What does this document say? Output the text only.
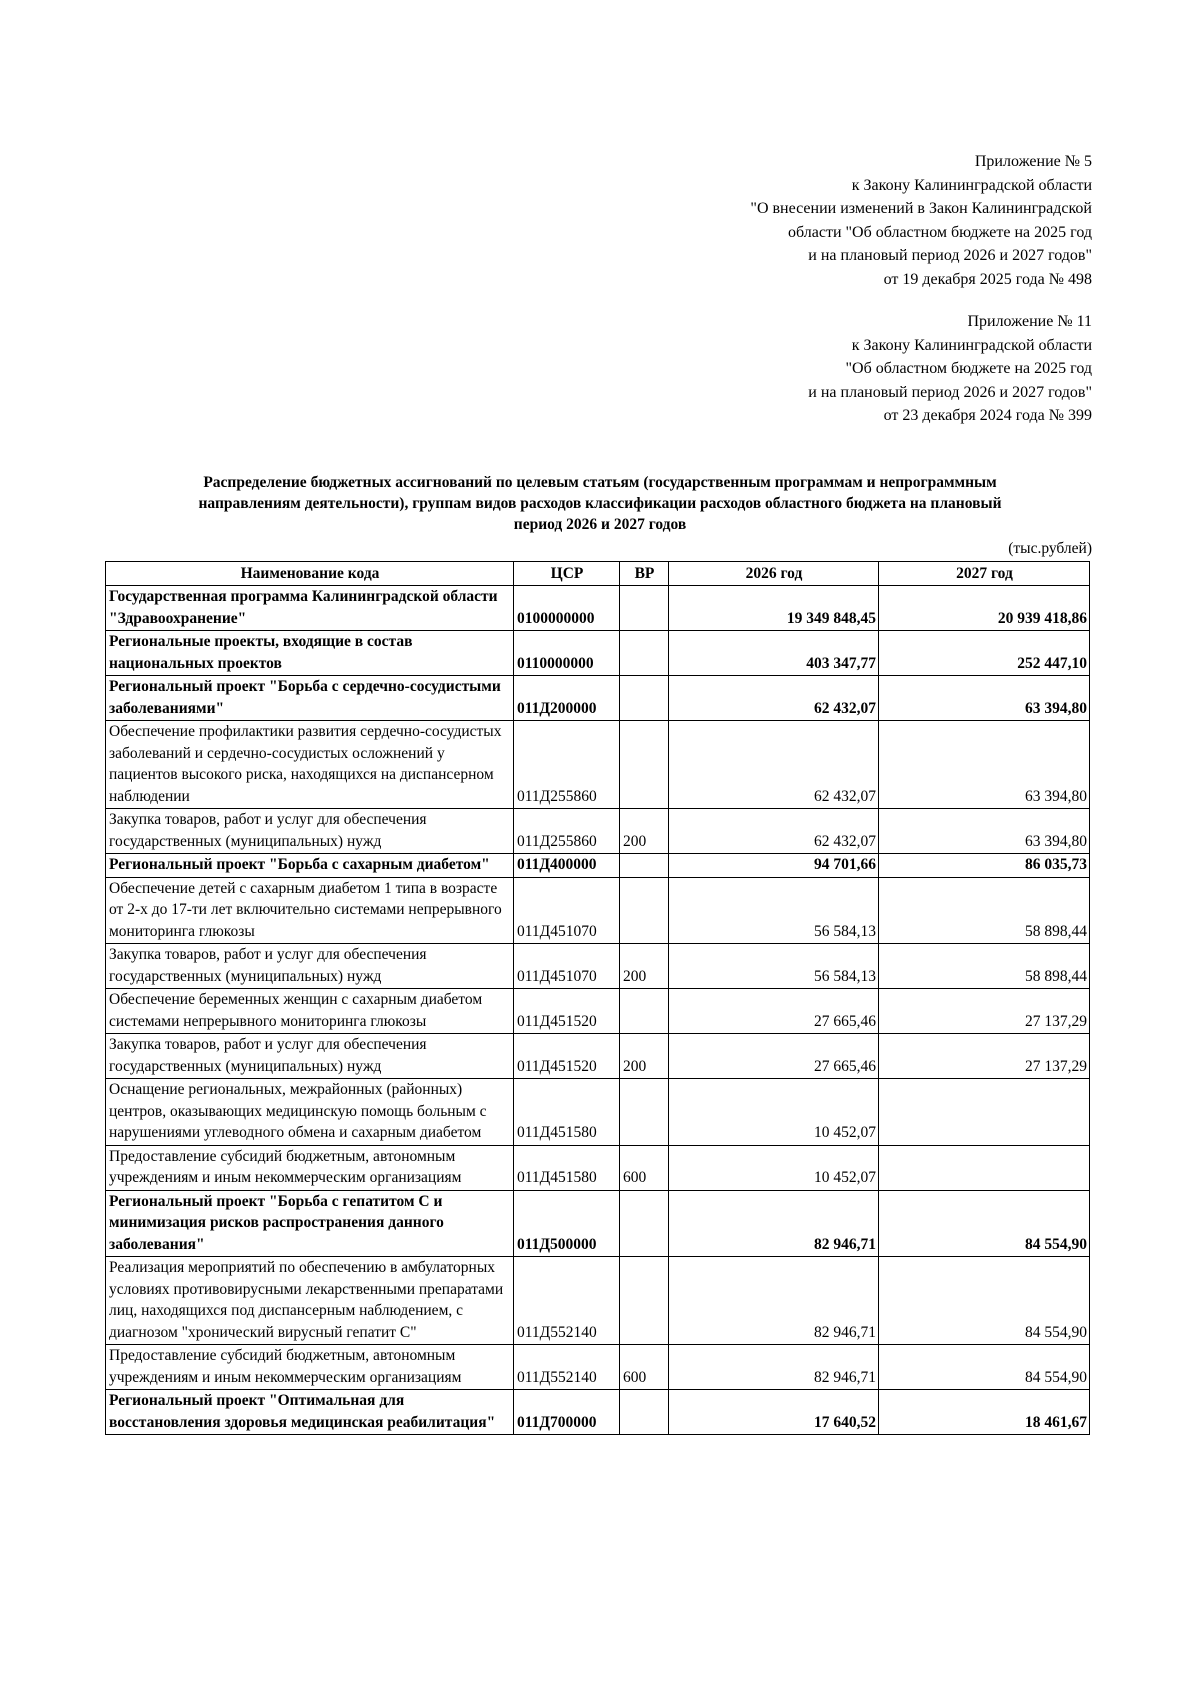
Приложение № 5
к Закону Калининградской области
"О внесении изменений в Закон Калининградской
области "Об областном бюджете на 2025 год
и на плановый период 2026 и 2027 годов"
от 19 декабря 2025 года № 498
Приложение № 11
к Закону Калининградской области
"Об областном бюджете на 2025 год
и на плановый период 2026 и 2027 годов"
от 23 декабря 2024 года № 399
Распределение бюджетных ассигнований по целевым статьям (государственным программам и непрограммным
направлениям деятельности), группам видов расходов классификации расходов областного бюджета на плановый
период 2026 и 2027 годов
(тыс.рублей)
Наименование кода	ЦСР	ВР	2026 год	2027 год
Государственная программа Калининградской области "Здравоохранение"	0100000000		19 349 848,45	20 939 418,86
Региональные проекты, входящие в состав национальных проектов	0110000000		403 347,77	252 447,10
Региональный проект "Борьба с сердечно-сосудистыми заболеваниями"	011Д200000		62 432,07	63 394,80
Обеспечение профилактики развития сердечно-сосудистых заболеваний и сердечно-сосудистых осложнений у пациентов высокого риска, находящихся на диспансерном наблюдении	011Д255860		62 432,07	63 394,80
Закупка товаров, работ и услуг для обеспечения государственных (муниципальных) нужд	011Д255860	200	62 432,07	63 394,80
Региональный проект "Борьба с сахарным диабетом"	011Д400000		94 701,66	86 035,73
Обеспечение детей с сахарным диабетом 1 типа в возрасте от 2-х до 17-ти лет включительно системами непрерывного мониторинга глюкозы	011Д451070		56 584,13	58 898,44
Закупка товаров, работ и услуг для обеспечения государственных (муниципальных) нужд	011Д451070	200	56 584,13	58 898,44
Обеспечение беременных женщин с сахарным диабетом системами непрерывного мониторинга глюкозы	011Д451520		27 665,46	27 137,29
Закупка товаров, работ и услуг для обеспечения государственных (муниципальных) нужд	011Д451520	200	27 665,46	27 137,29
Оснащение региональных, межрайонных (районных) центров, оказывающих медицинскую помощь больным с нарушениями углеводного обмена и сахарным диабетом	011Д451580		10 452,07	
Предоставление субсидий бюджетным, автономным учреждениям и иным некоммерческим организациям	011Д451580	600	10 452,07	
Региональный проект "Борьба с гепатитом С и минимизация рисков распространения данного заболевания"	011Д500000		82 946,71	84 554,90
Реализация мероприятий по обеспечению в амбулаторных условиях противовирусными лекарственными препаратами лиц, находящихся под диспансерным наблюдением, с диагнозом "хронический вирусный гепатит С"	011Д552140		82 946,71	84 554,90
Предоставление субсидий бюджетным, автономным учреждениям и иным некоммерческим организациям	011Д552140	600	82 946,71	84 554,90
Региональный проект "Оптимальная для восстановления здоровья медицинская реабилитация"	011Д700000		17 640,52	18 461,67
